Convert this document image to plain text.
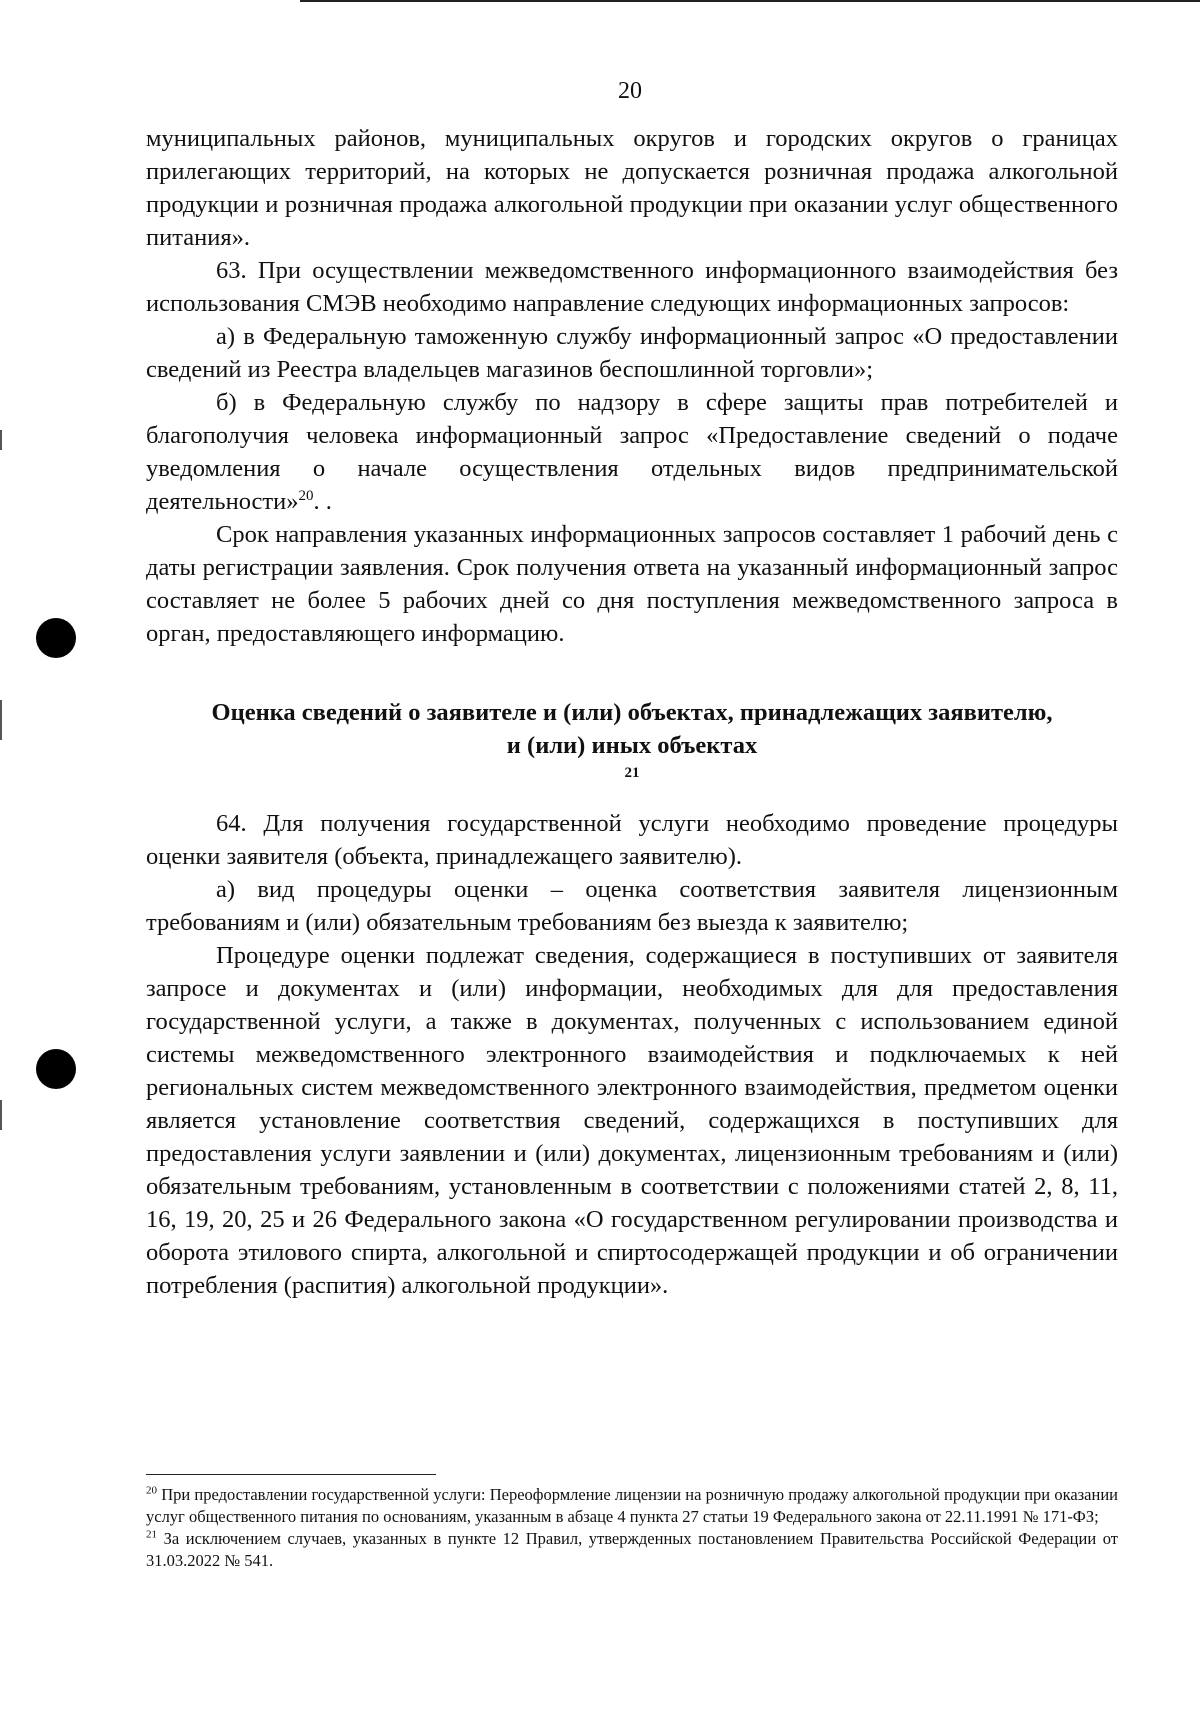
20

муниципальных районов, муниципальных округов и городских округов о границах прилегающих территорий, на которых не допускается розничная продажа алкогольной продукции и розничная продажа алкогольной продукции при оказании услуг общественного питания».

63. При осуществлении межведомственного информационного взаимодействия без использования СМЭВ необходимо направление следующих информационных запросов:

а) в Федеральную таможенную службу информационный запрос «О предоставлении сведений из Реестра владельцев магазинов беспошлинной торговли»;

б) в Федеральную службу по надзору в сфере защиты прав потребителей и благополучия человека информационный запрос «Предоставление сведений о подаче уведомления о начале осуществления отдельных видов предпринимательской деятельности»$^{20}$. .

Срок направления указанных информационных запросов составляет 1 рабочий день с даты регистрации заявления. Срок получения ответа на указанный информационный запрос составляет не более 5 рабочих дней со дня поступления межведомственного запроса в орган, предоставляющего информацию.

Оценка сведений о заявителе и (или) объектах, принадлежащих заявителю,
и (или) иных объектах
$^{21}$

64. Для получения государственной услуги необходимо проведение процедуры оценки заявителя (объекта, принадлежащего заявителю).

а) вид процедуры оценки – оценка соответствия заявителя лицензионным требованиям и (или) обязательным требованиям без выезда к заявителю;

Процедуре оценки подлежат сведения, содержащиеся в поступивших от заявителя запросе и документах и (или) информации, необходимых для для предоставления государственной услуги, а также в документах, полученных с использованием единой системы межведомственного электронного взаимодействия и подключаемых к ней региональных систем межведомственного электронного взаимодействия, предметом оценки является установление соответствия сведений, содержащихся в поступивших для предоставления услуги заявлении и (или) документах, лицензионным требованиям и (или) обязательным требованиям, установленным в соответствии с положениями статей 2, 8, 11, 16, 19, 20, 25 и 26 Федерального закона «О государственном регулировании производства и оборота этилового спирта, алкогольной и спиртосодержащей продукции и об ограничении потребления (распития) алкогольной продукции».

$^{20}$ При предоставлении государственной услуги: Переоформление лицензии на розничную продажу алкогольной продукции при оказании услуг общественного питания по основаниям, указанным в абзаце 4 пункта 27 статьи 19 Федерального закона от 22.11.1991 № 171-ФЗ;

$^{21}$ За исключением случаев, указанных в пункте 12 Правил, утвержденных постановлением Правительства Российской Федерации от 31.03.2022 № 541.
